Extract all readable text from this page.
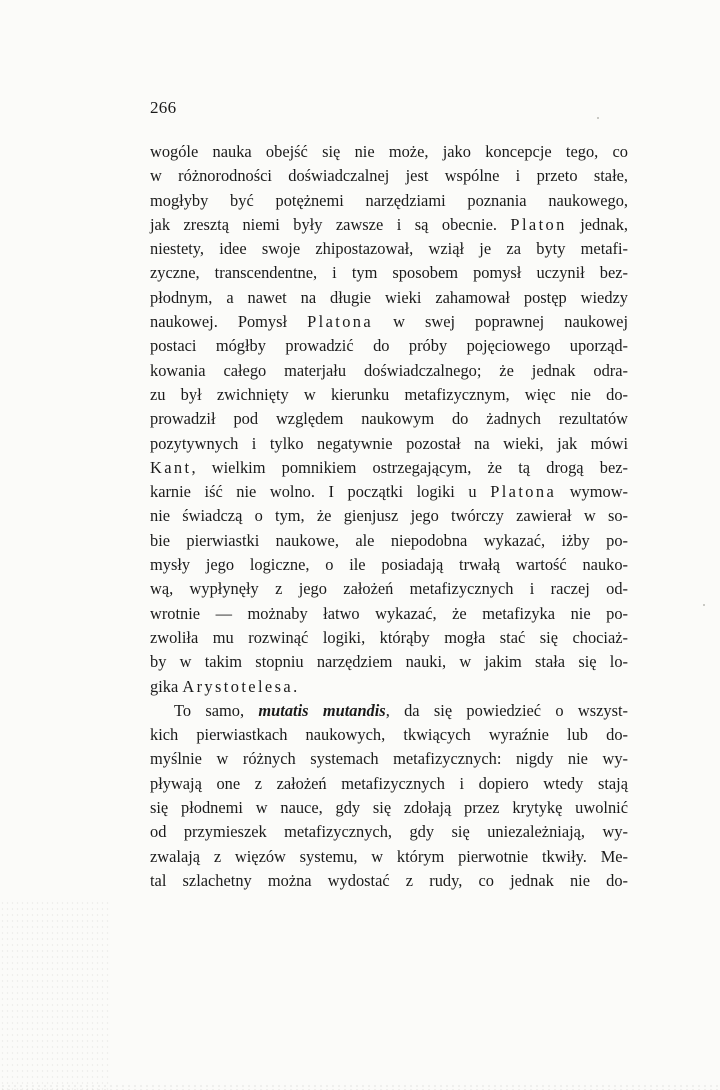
266
wogóle nauka obejść się nie może, jako koncepcje tego, co
w różnorodności doświadczalnej jest wspólne i przeto stałe,
mogłyby być potężnemi narzędziami poznania naukowego,
jak zresztą niemi były zawsze i są obecnie. Platon jednak,
niestety, idee swoje zhipostazował, wziął je za byty metafi-
zyczne, transcendentne, i tym sposobem pomysł uczynił bez-
płodnym, a nawet na długie wieki zahamował postęp wiedzy
naukowej. Pomysł Platona w swej poprawnej naukowej
postaci mógłby prowadzić do próby pojęciowego uporząd-
kowania całego materjału doświadczalnego; że jednak odra-
zu był zwichnięty w kierunku metafizycznym, więc nie do-
prowadził pod względem naukowym do żadnych rezultatów
pozytywnych i tylko negatywnie pozostał na wieki, jak mówi
Kant, wielkim pomnikiem ostrzegającym, że tą drogą bez-
karnie iść nie wolno. I początki logiki u Platona wymow-
nie świadczą o tym, że gienjusz jego twórczy zawierał w so-
bie pierwiastki naukowe, ale niepodobna wykazać, iżby po-
mysły jego logiczne, o ile posiadają trwałą wartość nauko-
wą, wypłynęły z jego założeń metafizycznych i raczej od-
wrotnie — możnaby łatwo wykazać, że metafizyka nie po-
zwoliła mu rozwinąć logiki, którąby mogła stać się chociaż-
by w takim stopniu narzędziem nauki, w jakim stała się lo-
gika Arystotelesa.
To samo, mutatis mutandis, da się powiedzieć o wszyst-
kich pierwiastkach naukowych, tkwiących wyraźnie lub do-
myślnie w różnych systemach metafizycznych: nigdy nie wy-
pływają one z założeń metafizycznych i dopiero wtedy stają
się płodnemi w nauce, gdy się zdołają przez krytykę uwolnić
od przymieszek metafizycznych, gdy się uniezależniają, wy-
zwalają z więzów systemu, w którym pierwotnie tkwiły. Me-
tal szlachetny można wydostać z rudy, co jednak nie do-
